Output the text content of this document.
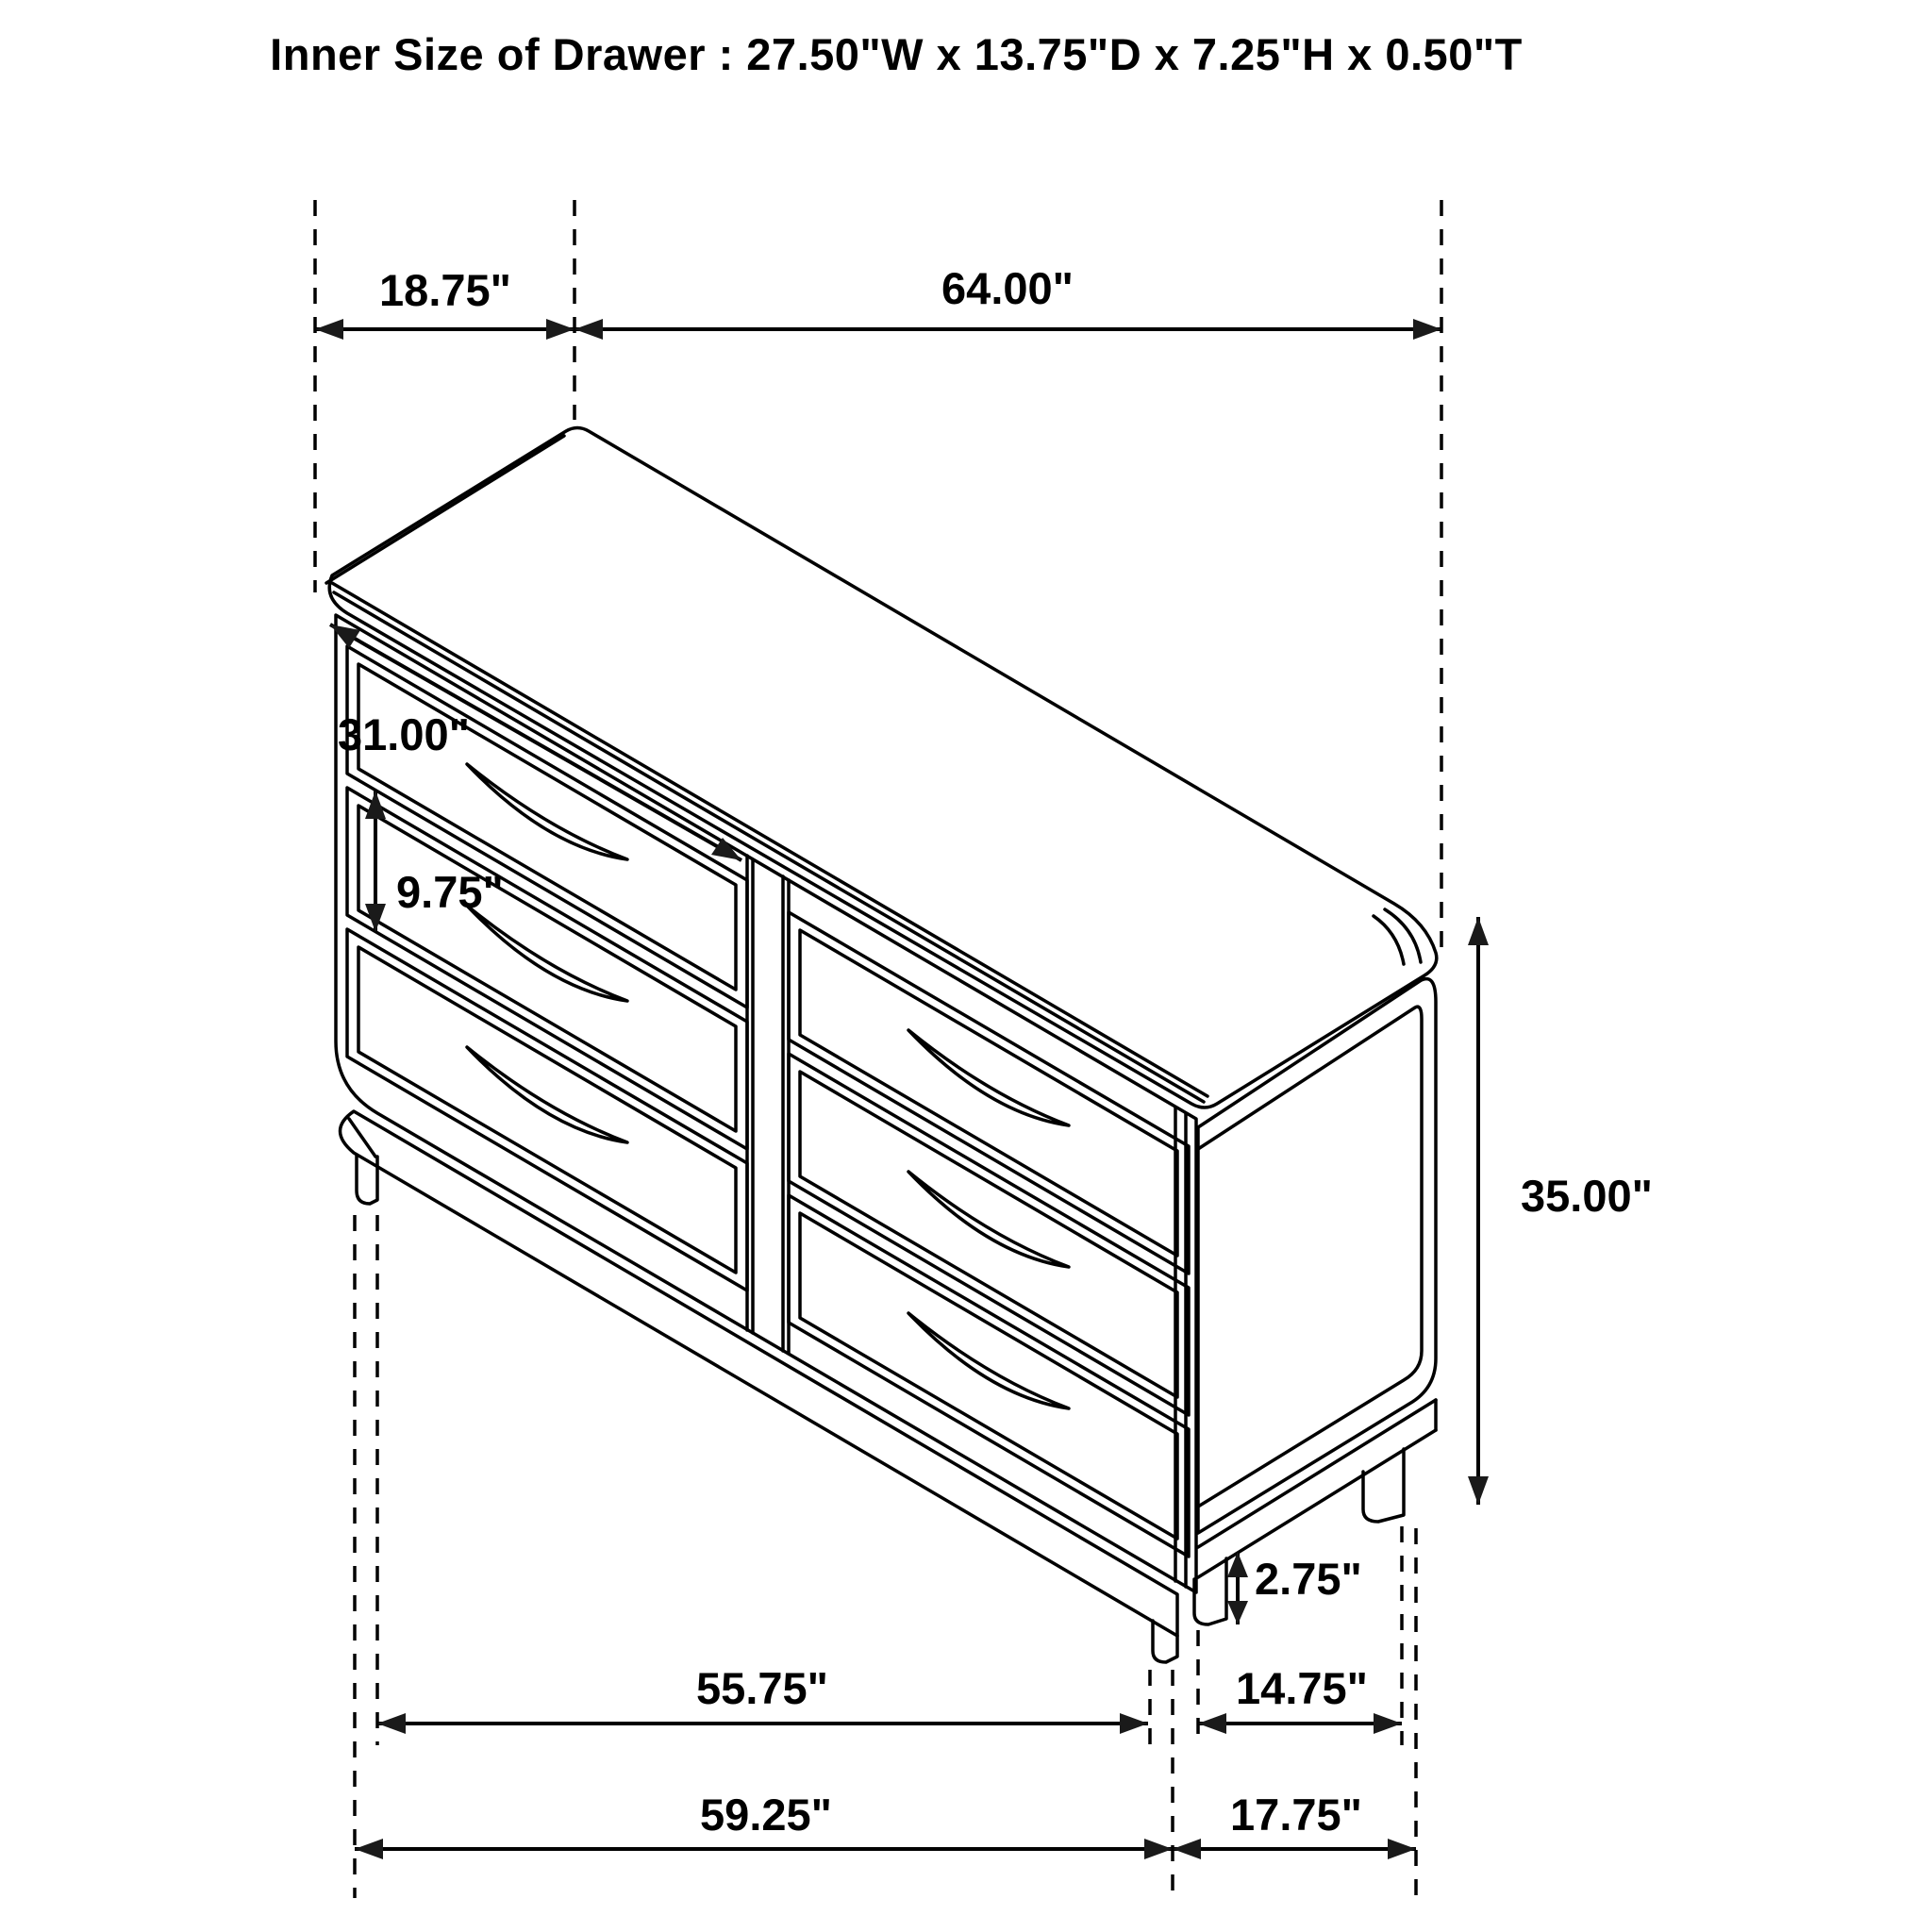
Inner Size of Drawer : 27.50"W x 13.75"D x 7.25"H x 0.50"T
18.75"	64.00"
31.00"
9.75"
35.00"
2.75"
55.75"	14.75"
59.25"	17.75"
